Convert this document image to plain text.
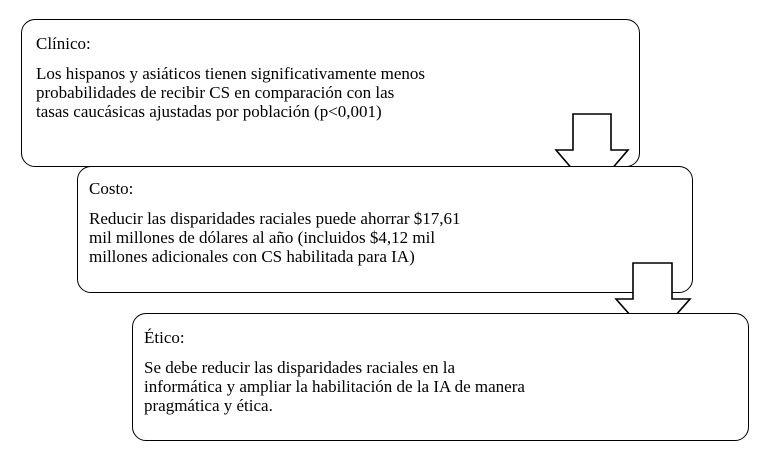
Clínico:
Los hispanos y asiáticos tienen significativamente menos
probabilidades de recibir CS en comparación con las
tasas caucásicas ajustadas por población (p<0,001)
Costo:
Reducir las disparidades raciales puede ahorrar $17,61
mil millones de dólares al año (incluidos $4,12 mil
millones adicionales con CS habilitada para IA)
Ético:
Se debe reducir las disparidades raciales en la
informática y ampliar la habilitación de la IA de manera
pragmática y ética.
